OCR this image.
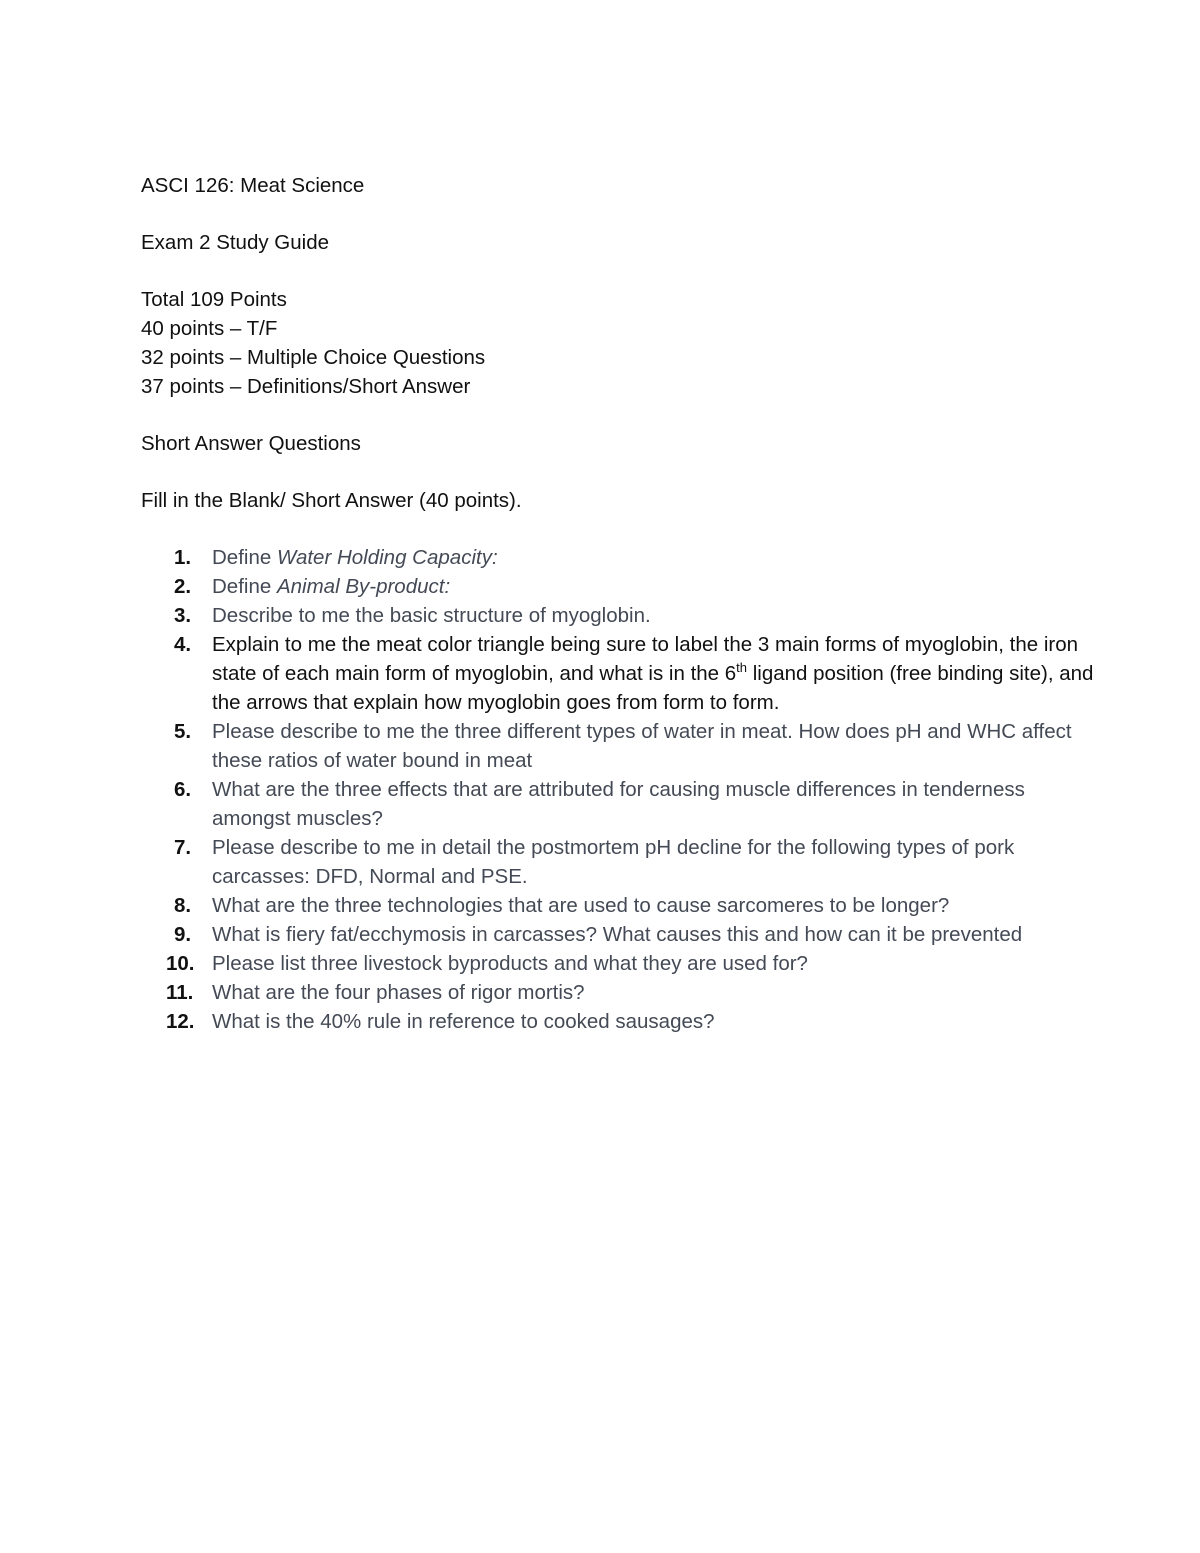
ASCI 126: Meat Science
Exam 2 Study Guide
Total 109 Points
40 points – T/F
32 points – Multiple Choice Questions
37 points – Definitions/Short Answer
Short Answer Questions
Fill in the Blank/ Short Answer (40 points).
1.	Define Water Holding Capacity:
2.	Define Animal By-product:
3.	Describe to me the basic structure of myoglobin.
4.	Explain to me the meat color triangle being sure to label the 3 main forms of myoglobin, the iron state of each main form of myoglobin, and what is in the 6th ligand position (free binding site), and the arrows that explain how myoglobin goes from form to form.
5.	Please describe to me the three different types of water in meat. How does pH and WHC affect these ratios of water bound in meat
6.	What are the three effects that are attributed for causing muscle differences in tenderness amongst muscles?
7.	Please describe to me in detail the postmortem pH decline for the following types of pork carcasses: DFD, Normal and PSE.
8.	What are the three technologies that are used to cause sarcomeres to be longer?
9.	What is fiery fat/ecchymosis in carcasses? What causes this and how can it be prevented
10. Please list three livestock byproducts and what they are used for?
11. What are the four phases of rigor mortis?
12. What is the 40% rule in reference to cooked sausages?
